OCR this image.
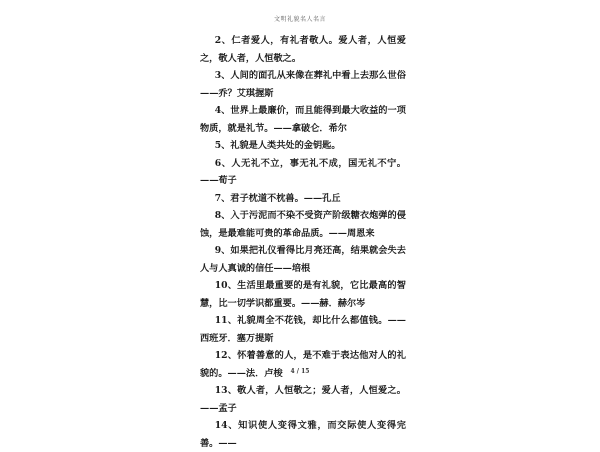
文明礼貌名人名言

2、仁者爱人，有礼者敬人。爱人者，人恒爱之，敬人者，人恒敬之。

3、人间的面孔从来像在葬礼中看上去那么世俗——乔？艾琪握斯

4、世界上最廉价，而且能得到最大收益的一项物质，就是礼节。——拿破仑．希尔

5、礼貌是人类共处的金钥匙。

6、人无礼不立，事无礼不成，国无礼不宁。——荀子

7、君子枕道不枕兽。——孔丘

8、入于污泥而不染不受资产阶级糖衣炮弹的侵蚀，是最难能可贵的革命品质。——周恩来

9、如果把礼仪看得比月亮还高，结果就会失去人与人真诚的信任——培根

10、生活里最重要的是有礼貌，它比最高的智慧，比一切学识都重要。——赫．赫尔岑

11、礼貌周全不花钱，却比什么都值钱。——西班牙．塞万提斯

12、怀着善意的人，是不难于表达他对人的礼貌的。——法．卢梭

13、敬人者，人恒敬之；爱人者，人恒爱之。——孟子

14、知识使人变得文雅，而交际使人变得完善。——

4 / 15
